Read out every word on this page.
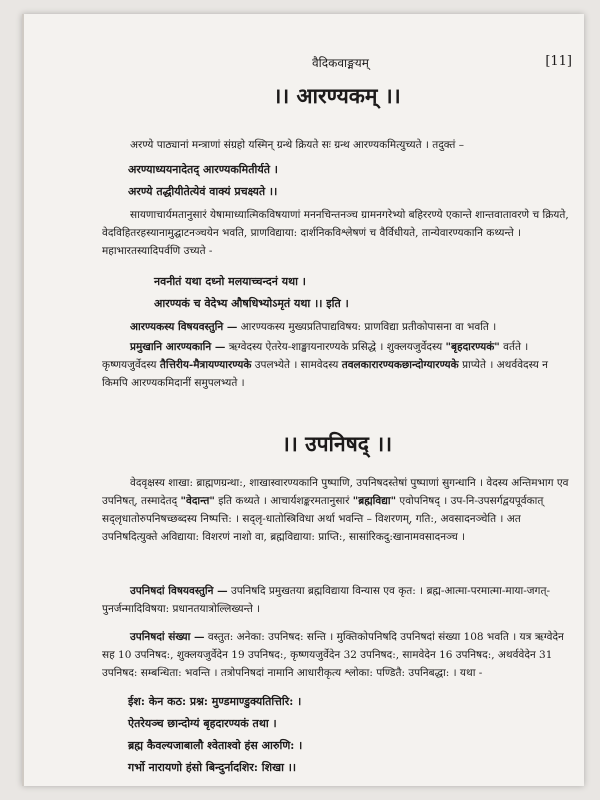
वैदिकवाङ्मयम्	[11]
।। आरण्यकम् ।।

अरण्ये पाठ्यानां मन्त्राणां संग्रहो यस्मिन् ग्रन्थे क्रियते सः ग्रन्थ आरण्यकमित्युच्यते । तदुक्तं –

अरण्याध्ययनादेतद् आरण्यकमितीर्यते ।

अरण्ये तद्धीयीतेत्येवं वाक्यं प्रचक्ष्यते ।।

सायणाचार्यमतानुसारं येषामाध्यात्मिकविषयाणां मननचिन्तनञ्च ग्रामनगरेभ्यो बहिररण्ये एकान्ते शान्तवातावरणे च क्रियते, वेदविहितरहस्यानामुद्घाटनञ्चयेन भवति, प्राणविद्याया: दार्शनिकविश्लेषणं च वैर्विधीयते, तान्येवारण्यकानि कथ्यन्ते । महाभारतस्यादिपर्वणि उच्यते -

नवनीतं यथा दध्नो मलयाच्चन्दनं यथा ।

आरण्यकं च वेदेभ्य औषधिभ्योऽमृतं यथा ।। इति ।

आरण्यकस्य विषयवस्तुनि — आरण्यकस्य मुख्यप्रतिपाद्यविषय: प्राणविद्या प्रतीकोपासना वा भवति ।

प्रमुखानि आरण्यकानि — ऋग्वेदस्य ऐतरेय-शाङ्खायनारण्यके प्रसिद्धे । शुक्लयजुर्वेदस्य "बृहदारण्यकं" वर्तते । कृष्णयजुर्वेदस्य तैत्तिरीय-मैत्रायण्यारण्यके उपलभ्येते । सामवेदस्य तवलकारारण्यकछान्दोग्यारण्यके प्राप्येते । अथर्ववेदस्य न किमपि आरण्यकमिदानीं समुपलभ्यते ।

।। उपनिषद् ।।

वेदवृक्षस्य शाखा: ब्राह्मणग्रन्था:, शाखास्वारण्यकानि पुष्पाणि, उपनिषदस्तेषां पुष्पाणां सुगन्धानि । वेदस्य अन्तिमभाग एव उपनिषत्, तस्मादेतद् "वेदान्त" इति कथ्यते । आचार्यशङ्करमतानुसारं "ब्रह्मविद्या" एवोपनिषद् । उप-नि-उपसर्गद्वयपूर्वकात् सद्लृधातोरुपनिषच्छब्दस्य निष्पत्ति: । सद्लृ-धातोस्त्रिविधा अर्था भवन्ति – विशरणम्, गति:, अवसादनञ्चेति । अत उपनिषदित्युक्ते अविद्याया: विशरणं नाशो वा, ब्रह्मविद्याया: प्राप्ति:, सासांरिकदु:खानामवसादनञ्च ।

उपनिषदां विषयवस्तुनि — उपनिषदि प्रमुखतया ब्रह्मविद्याया विन्यास एव कृत: । ब्रह्म-आत्मा-परमात्मा-माया-जगत्-पुनर्जन्मादिविषया: प्रधानतयात्रोल्लिख्यन्ते ।

उपनिषदां संख्या — वस्तुत: अनेका: उपनिषद: सन्ति । मुक्तिकोपनिषदि उपनिषदां संख्या 108 भवति । यत्र ऋग्वेदेन सह 10 उपनिषद:, शुक्लयजुर्वेदेन 19 उपनिषद:, कृष्णयजुर्वेदेन 32 उपनिषद:, सामवेदेन 16 उपनिषद:, अथर्ववेदेन 31 उपनिषद: सम्बन्धिता: भवन्ति । तत्रोपनिषदां नामानि आधारीकृत्य श्लोका: पण्डितै: उपनिबद्धा: । यथा -

ईश: केन कठ: प्रश्न: मुण्डमाण्डुक्यतित्तिरि: ।

ऐतरेयञ्च छान्दोग्यं बृहदारण्यकं तथा ।

ब्रह्म कैवल्यजाबालौ श्वेताश्वो हंस आरुणि: ।

गर्भो नारायणो हंसो बिन्दुर्नादशिर: शिखा ।।
